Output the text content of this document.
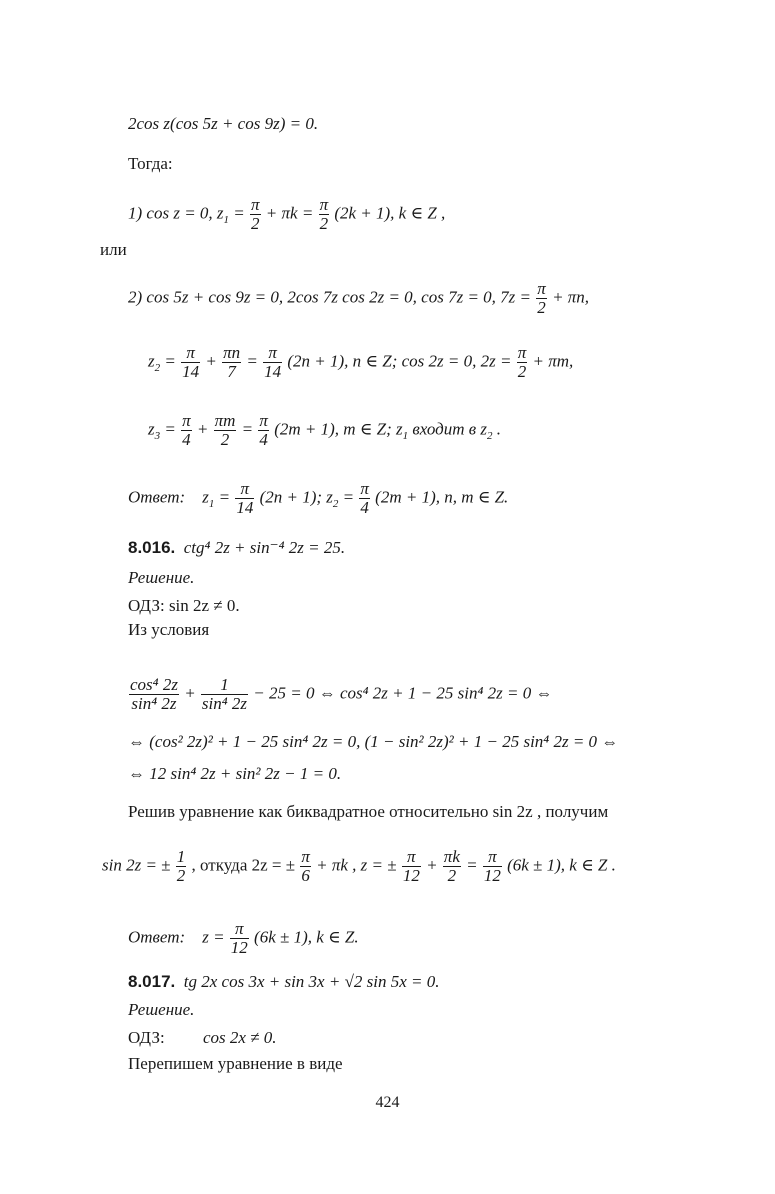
2cos z(cos 5z + cos 9z) = 0.
Тогда:
1) cos z = 0, $z_1 = \frac{\pi}{2} + \pi k = \frac{\pi}{2} (2k + 1)$, k ∈ Z ,
или
2) cos 5z + cos 9z = 0, 2cos 7z cos 2z = 0, cos 7z = 0, $7z = \frac{\pi}{2} + \pi n$,
$z_2 = \frac{\pi}{14} + \frac{\pi n}{7} = \frac{\pi}{14} (2n + 1)$, n ∈ Z; cos 2z = 0, $2z = \frac{\pi}{2} + \pi m$,
$z_3 = \frac{\pi}{4} + \frac{\pi m}{2} = \frac{\pi}{4} (2m + 1)$, m ∈ Z; $z_1$ входит в $z_2$ .
Ответ: $z_1 = \frac{\pi}{14} (2n + 1)$; $z_2 = \frac{\pi}{4} (2m + 1)$, n, m ∈ Z.
8.016. ctg⁴ 2z + sin⁻⁴ 2z = 25.
Решение.
ОДЗ: sin 2z ≠ 0.
Из условия
$\frac{\text{cos⁴ 2z}}{\text{sin⁴ 2z}} + \frac{1}{\text{sin⁴ 2z}} - 25 = 0$ ⇔ cos⁴ 2z + 1 − 25 sin⁴ 2z = 0 ⇔
⇔ (cos² 2z)² + 1 − 25 sin⁴ 2z = 0, (1 − sin² 2z)² + 1 − 25 sin⁴ 2z = 0 ⇔
⇔ 12 sin⁴ 2z + sin² 2z − 1 = 0.
Решив уравнение как биквадратное относительно sin 2z , получим
sin 2z = ± $\frac{1}{2}$ , откуда 2z = ± $\frac{\pi}{6} + \pi k$ , z = ± $\frac{\pi}{12} + \frac{\pi k}{2} = \frac{\pi}{12} (6k \pm 1)$, k ∈ Z .
Ответ: $z = \frac{\pi}{12} (6k \pm 1)$, k ∈ Z.
8.017. tg 2x cos 3x + sin 3x + √2 sin 5x = 0.
Решение.
ОДЗ: cos 2x ≠ 0.
Перепишем уравнение в виде
424
